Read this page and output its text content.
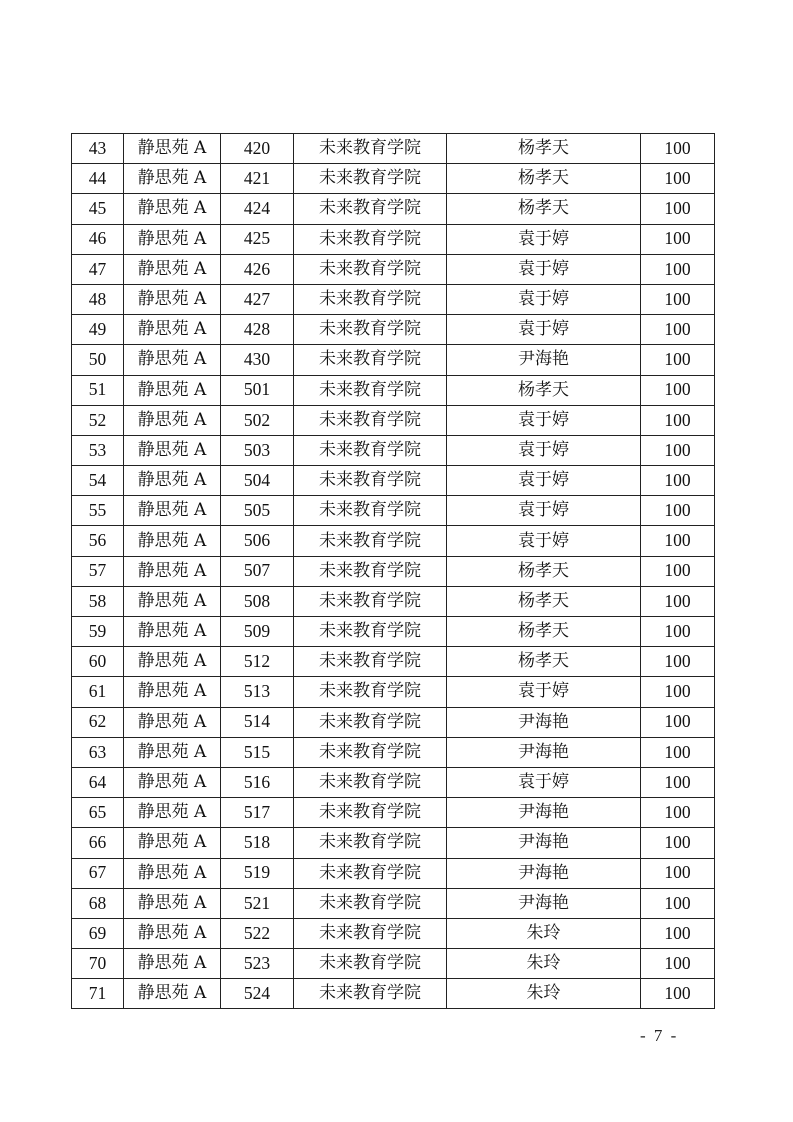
43	静思苑 A	420	未来教育学院	杨孝天	100
44	静思苑 A	421	未来教育学院	杨孝天	100
45	静思苑 A	424	未来教育学院	杨孝天	100
46	静思苑 A	425	未来教育学院	袁于婷	100
47	静思苑 A	426	未来教育学院	袁于婷	100
48	静思苑 A	427	未来教育学院	袁于婷	100
49	静思苑 A	428	未来教育学院	袁于婷	100
50	静思苑 A	430	未来教育学院	尹海艳	100
51	静思苑 A	501	未来教育学院	杨孝天	100
52	静思苑 A	502	未来教育学院	袁于婷	100
53	静思苑 A	503	未来教育学院	袁于婷	100
54	静思苑 A	504	未来教育学院	袁于婷	100
55	静思苑 A	505	未来教育学院	袁于婷	100
56	静思苑 A	506	未来教育学院	袁于婷	100
57	静思苑 A	507	未来教育学院	杨孝天	100
58	静思苑 A	508	未来教育学院	杨孝天	100
59	静思苑 A	509	未来教育学院	杨孝天	100
60	静思苑 A	512	未来教育学院	杨孝天	100
61	静思苑 A	513	未来教育学院	袁于婷	100
62	静思苑 A	514	未来教育学院	尹海艳	100
63	静思苑 A	515	未来教育学院	尹海艳	100
64	静思苑 A	516	未来教育学院	袁于婷	100
65	静思苑 A	517	未来教育学院	尹海艳	100
66	静思苑 A	518	未来教育学院	尹海艳	100
67	静思苑 A	519	未来教育学院	尹海艳	100
68	静思苑 A	521	未来教育学院	尹海艳	100
69	静思苑 A	522	未来教育学院	朱玲	100
70	静思苑 A	523	未来教育学院	朱玲	100
71	静思苑 A	524	未来教育学院	朱玲	100
- 7 -
